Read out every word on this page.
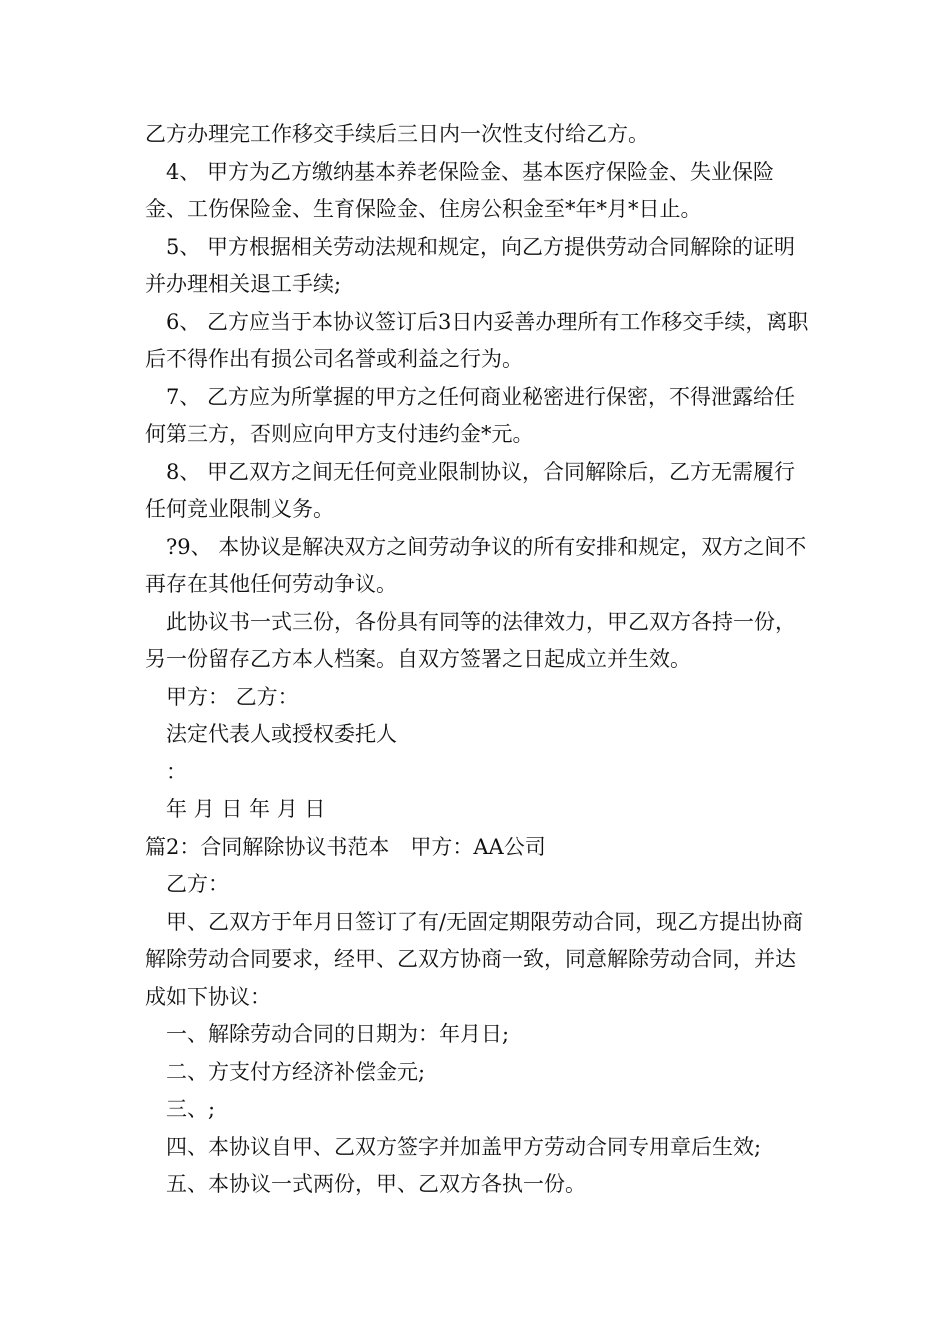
乙方办理完工作移交手续后三日内一次性支付给乙方。

4、 甲方为乙方缴纳基本养老保险金、基本医疗保险金、失业保险金、工伤保险金、生育保险金、住房公积金至*年*月*日止。

5、 甲方根据相关劳动法规和规定，向乙方提供劳动合同解除的证明并办理相关退工手续;

6、 乙方应当于本协议签订后3日内妥善办理所有工作移交手续，离职后不得作出有损公司名誉或利益之行为。

7、 乙方应为所掌握的甲方之任何商业秘密进行保密，不得泄露给任何第三方，否则应向甲方支付违约金*元。

8、 甲乙双方之间无任何竞业限制协议，合同解除后，乙方无需履行任何竞业限制义务。

?9、 本协议是解决双方之间劳动争议的所有安排和规定，双方之间不再存在其他任何劳动争议。

此协议书一式三份，各份具有同等的法律效力，甲乙双方各持一份，另一份留存乙方本人档案。自双方签署之日起成立并生效。

甲方： 乙方：

法定代表人或授权委托人

：

年 月 日 年 月 日

篇2：合同解除协议书范本　甲方：AA公司

乙方：

甲、乙双方于年月日签订了有/无固定期限劳动合同，现乙方提出协商解除劳动合同要求，经甲、乙双方协商一致，同意解除劳动合同，并达成如下协议：

一、解除劳动合同的日期为：年月日;

二、方支付方经济补偿金元;

三、;

四、本协议自甲、乙双方签字并加盖甲方劳动合同专用章后生效;

五、本协议一式两份，甲、乙双方各执一份。
